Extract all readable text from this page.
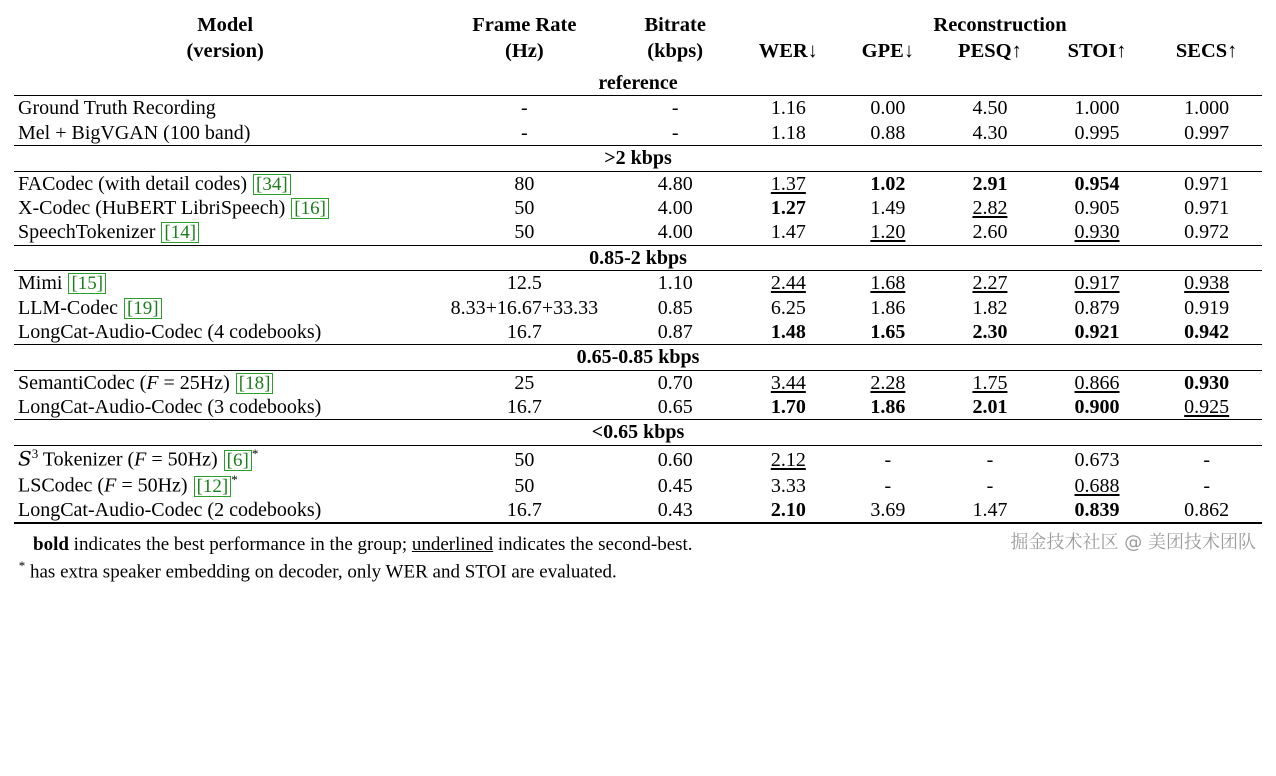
Model	Frame Rate	Bitrate	Reconstruction				
(version)	(Hz)	(kbps)	WER↓	GPE↓	PESQ↑	STOI↑	SECS↑
reference							
Ground Truth Recording	-	-	1.16	0.00	4.50	1.000	1.000
Mel + BigVGAN (100 band)	-	-	1.18	0.88	4.30	0.995	0.997
>2 kbps							
FACodec (with detail codes) [34]	80	4.80	1.37	1.02	2.91	0.954	0.971
X-Codec (HuBERT LibriSpeech) [16]	50	4.00	1.27	1.49	2.82	0.905	0.971
SpeechTokenizer [14]	50	4.00	1.47	1.20	2.60	0.930	0.972
0.85-2 kbps							
Mimi [15]	12.5	1.10	2.44	1.68	2.27	0.917	0.938
LLM-Codec [19]	8.33+16.67+33.33	0.85	6.25	1.86	1.82	0.879	0.919
LongCat-Audio-Codec (4 codebooks)	16.7	0.87	1.48	1.65	2.30	0.921	0.942
0.65-0.85 kbps							
SemantiCodec (F = 25Hz) [18]	25	0.70	3.44	2.28	1.75	0.866	0.930
LongCat-Audio-Codec (3 codebooks)	16.7	0.65	1.70	1.86	2.01	0.900	0.925
<0.65 kbps							
$S^3$ Tokenizer (F = 50Hz) [6] *	50	0.60	2.12	-	-	0.673	-
LSCodec (F = 50Hz) [12] *	50	0.45	3.33	-	-	0.688	-
LongCat-Audio-Codec (2 codebooks)	16.7	0.43	2.10	3.69	1.47	0.839	0.862
bold indicates the best performance in the group; underlined indicates the second-best.
* has extra speaker embedding on decoder, only WER and STOI are evaluated.
掘金技术社区 @ 美团技术团队
